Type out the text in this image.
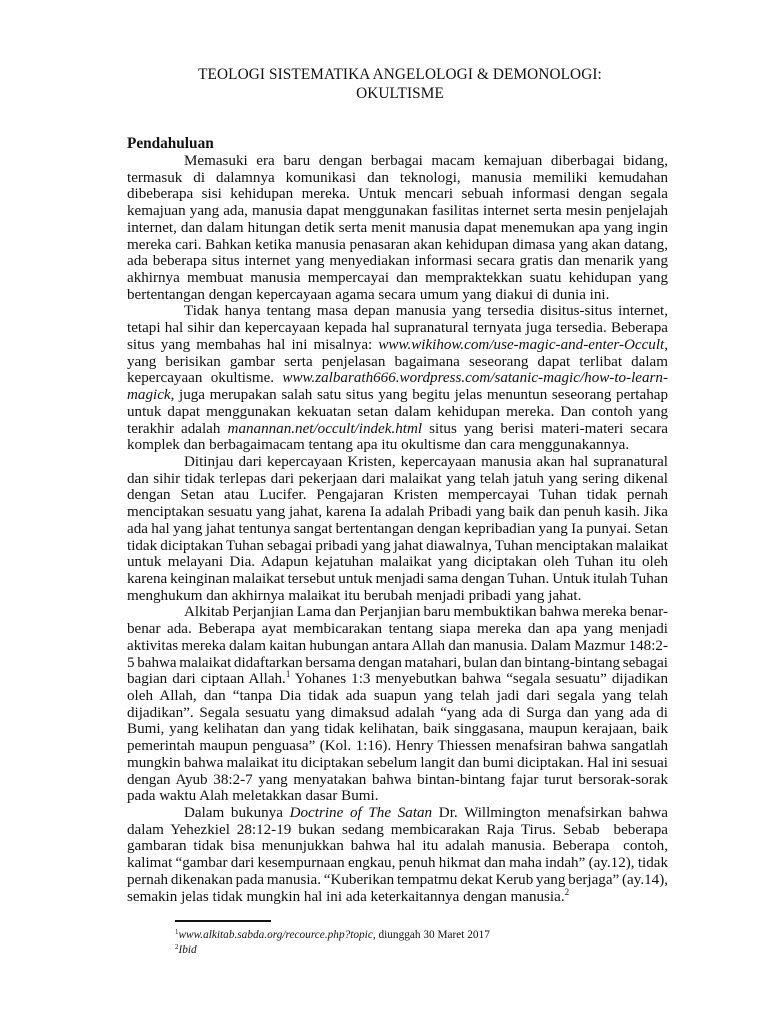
TEOLOGI SISTEMATIKA ANGELOLOGI & DEMONOLOGI:
OKULTISME
Pendahuluan
Memasuki era baru dengan berbagai macam kemajuan diberbagai bidang,
termasuk di dalamnya komunikasi dan teknologi, manusia memiliki kemudahan
dibeberapa sisi kehidupan mereka. Untuk mencari sebuah informasi dengan segala
kemajuan yang ada, manusia dapat menggunakan fasilitas internet serta mesin penjelajah
internet, dan dalam hitungan detik serta menit manusia dapat menemukan apa yang ingin
mereka cari. Bahkan ketika manusia penasaran akan kehidupan dimasa yang akan datang,
ada beberapa situs internet yang menyediakan informasi secara gratis dan menarik yang
akhirnya membuat manusia mempercayai dan mempraktekkan suatu kehidupan yang
bertentangan dengan kepercayaan agama secara umum yang diakui di dunia ini.
Tidak hanya tentang masa depan manusia yang tersedia disitus-situs internet,
tetapi hal sihir dan kepercayaan kepada hal supranatural ternyata juga tersedia. Beberapa
situs yang membahas hal ini misalnya: www.wikihow.com/use-magic-and-enter-Occult,
yang berisikan gambar serta penjelasan bagaimana seseorang dapat terlibat dalam
kepercayaan okultisme. www.zalbarath666.wordpress.com/satanic-magic/how-to-learn-
magick, juga merupakan salah satu situs yang begitu jelas menuntun seseorang pertahap
untuk dapat menggunakan kekuatan setan dalam kehidupan mereka. Dan contoh yang
terakhir adalah manannan.net/occult/indek.html situs yang berisi materi-materi secara
komplek dan berbagaimacam tentang apa itu okultisme dan cara menggunakannya.
Ditinjau dari kepercayaan Kristen, kepercayaan manusia akan hal supranatural
dan sihir tidak terlepas dari pekerjaan dari malaikat yang telah jatuh yang sering dikenal
dengan Setan atau Lucifer. Pengajaran Kristen mempercayai Tuhan tidak pernah
menciptakan sesuatu yang jahat, karena Ia adalah Pribadi yang baik dan penuh kasih. Jika
ada hal yang jahat tentunya sangat bertentangan dengan kepribadian yang Ia punyai. Setan
tidak diciptakan Tuhan sebagai pribadi yang jahat diawalnya, Tuhan menciptakan malaikat
untuk melayani Dia. Adapun kejatuhan malaikat yang diciptakan oleh Tuhan itu oleh
karena keinginan malaikat tersebut untuk menjadi sama dengan Tuhan. Untuk itulah Tuhan
menghukum dan akhirnya malaikat itu berubah menjadi pribadi yang jahat.
Alkitab Perjanjian Lama dan Perjanjian baru membuktikan bahwa mereka benar-
benar ada. Beberapa ayat membicarakan tentang siapa mereka dan apa yang menjadi
aktivitas mereka dalam kaitan hubungan antara Allah dan manusia. Dalam Mazmur 148:2-
5 bahwa malaikat didaftarkan bersama dengan matahari, bulan dan bintang-bintang sebagai
bagian dari ciptaan Allah.$^1$ Yohanes 1:3 menyebutkan bahwa “segala sesuatu” dijadikan
oleh Allah, dan “tanpa Dia tidak ada suapun yang telah jadi dari segala yang telah
dijadikan”. Segala sesuatu yang dimaksud adalah “yang ada di Surga dan yang ada di
Bumi, yang kelihatan dan yang tidak kelihatan, baik singgasana, maupun kerajaan, baik
pemerintah maupun penguasa” (Kol. 1:16). Henry Thiessen menafsiran bahwa sangatlah
mungkin bahwa malaikat itu diciptakan sebelum langit dan bumi diciptakan. Hal ini sesuai
dengan Ayub 38:2-7 yang menyatakan bahwa bintan-bintang fajar turut bersorak-sorak
pada waktu Alah meletakkan dasar Bumi.
Dalam bukunya Doctrine of The Satan Dr. Willmington menafsirkan bahwa
dalam Yehezkiel 28:12-19 bukan sedang membicarakan Raja Tirus. Sebab  beberapa
gambaran tidak bisa menunjukkan bahwa hal itu adalah manusia. Beberapa  contoh,
kalimat “gambar dari kesempurnaan engkau, penuh hikmat dan maha indah” (ay.12), tidak
pernah dikenakan pada manusia. “Kuberikan tempatmu dekat Kerub yang berjaga” (ay.14),
semakin jelas tidak mungkin hal ini ada keterkaitannya dengan manusia.$^2$
$^1$www.alkitab.sabda.org/recource.php?topic, diunggah 30 Maret 2017
$^2$Ibid
